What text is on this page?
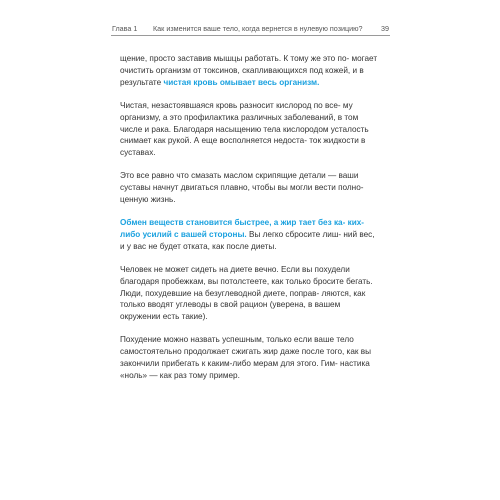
Глава 1 Как изменится ваше тело, когда вернется в нулевую позицию?	39

щение, просто заставив мышцы работать. К тому же это по- могает очистить организм от токсинов, скапливающихся под кожей, и в результате чистая кровь омывает весь организм.

Чистая, незастоявшаяся кровь разносит кислород по все- му организму, а это профилактика различных заболеваний, в том числе и рака. Благодаря насыщению тела кислородом усталость снимает как рукой. А еще восполняется недоста- ток жидкости в суставах.

Это все равно что смазать маслом скрипящие детали — ваши суставы начнут двигаться плавно, чтобы вы могли вести полно- ценную жизнь.

Обмен веществ становится быстрее, а жир тает без ка- ких-либо усилий с вашей стороны. Вы легко сбросите лиш- ний вес, и у вас не будет отката, как после диеты.

Человек не может сидеть на диете вечно. Если вы похудели благодаря пробежкам, вы потолстеете, как только бросите бегать. Люди, похудевшие на безуглеводной диете, поправ- ляются, как только вводят углеводы в свой рацион (уверена, в вашем окружении есть такие).

Похудение можно назвать успешным, только если ваше тело самостоятельно продолжает сжигать жир даже после того, как вы закончили прибегать к каким-либо мерам для этого. Гим- настика «ноль» — как раз тому пример.
